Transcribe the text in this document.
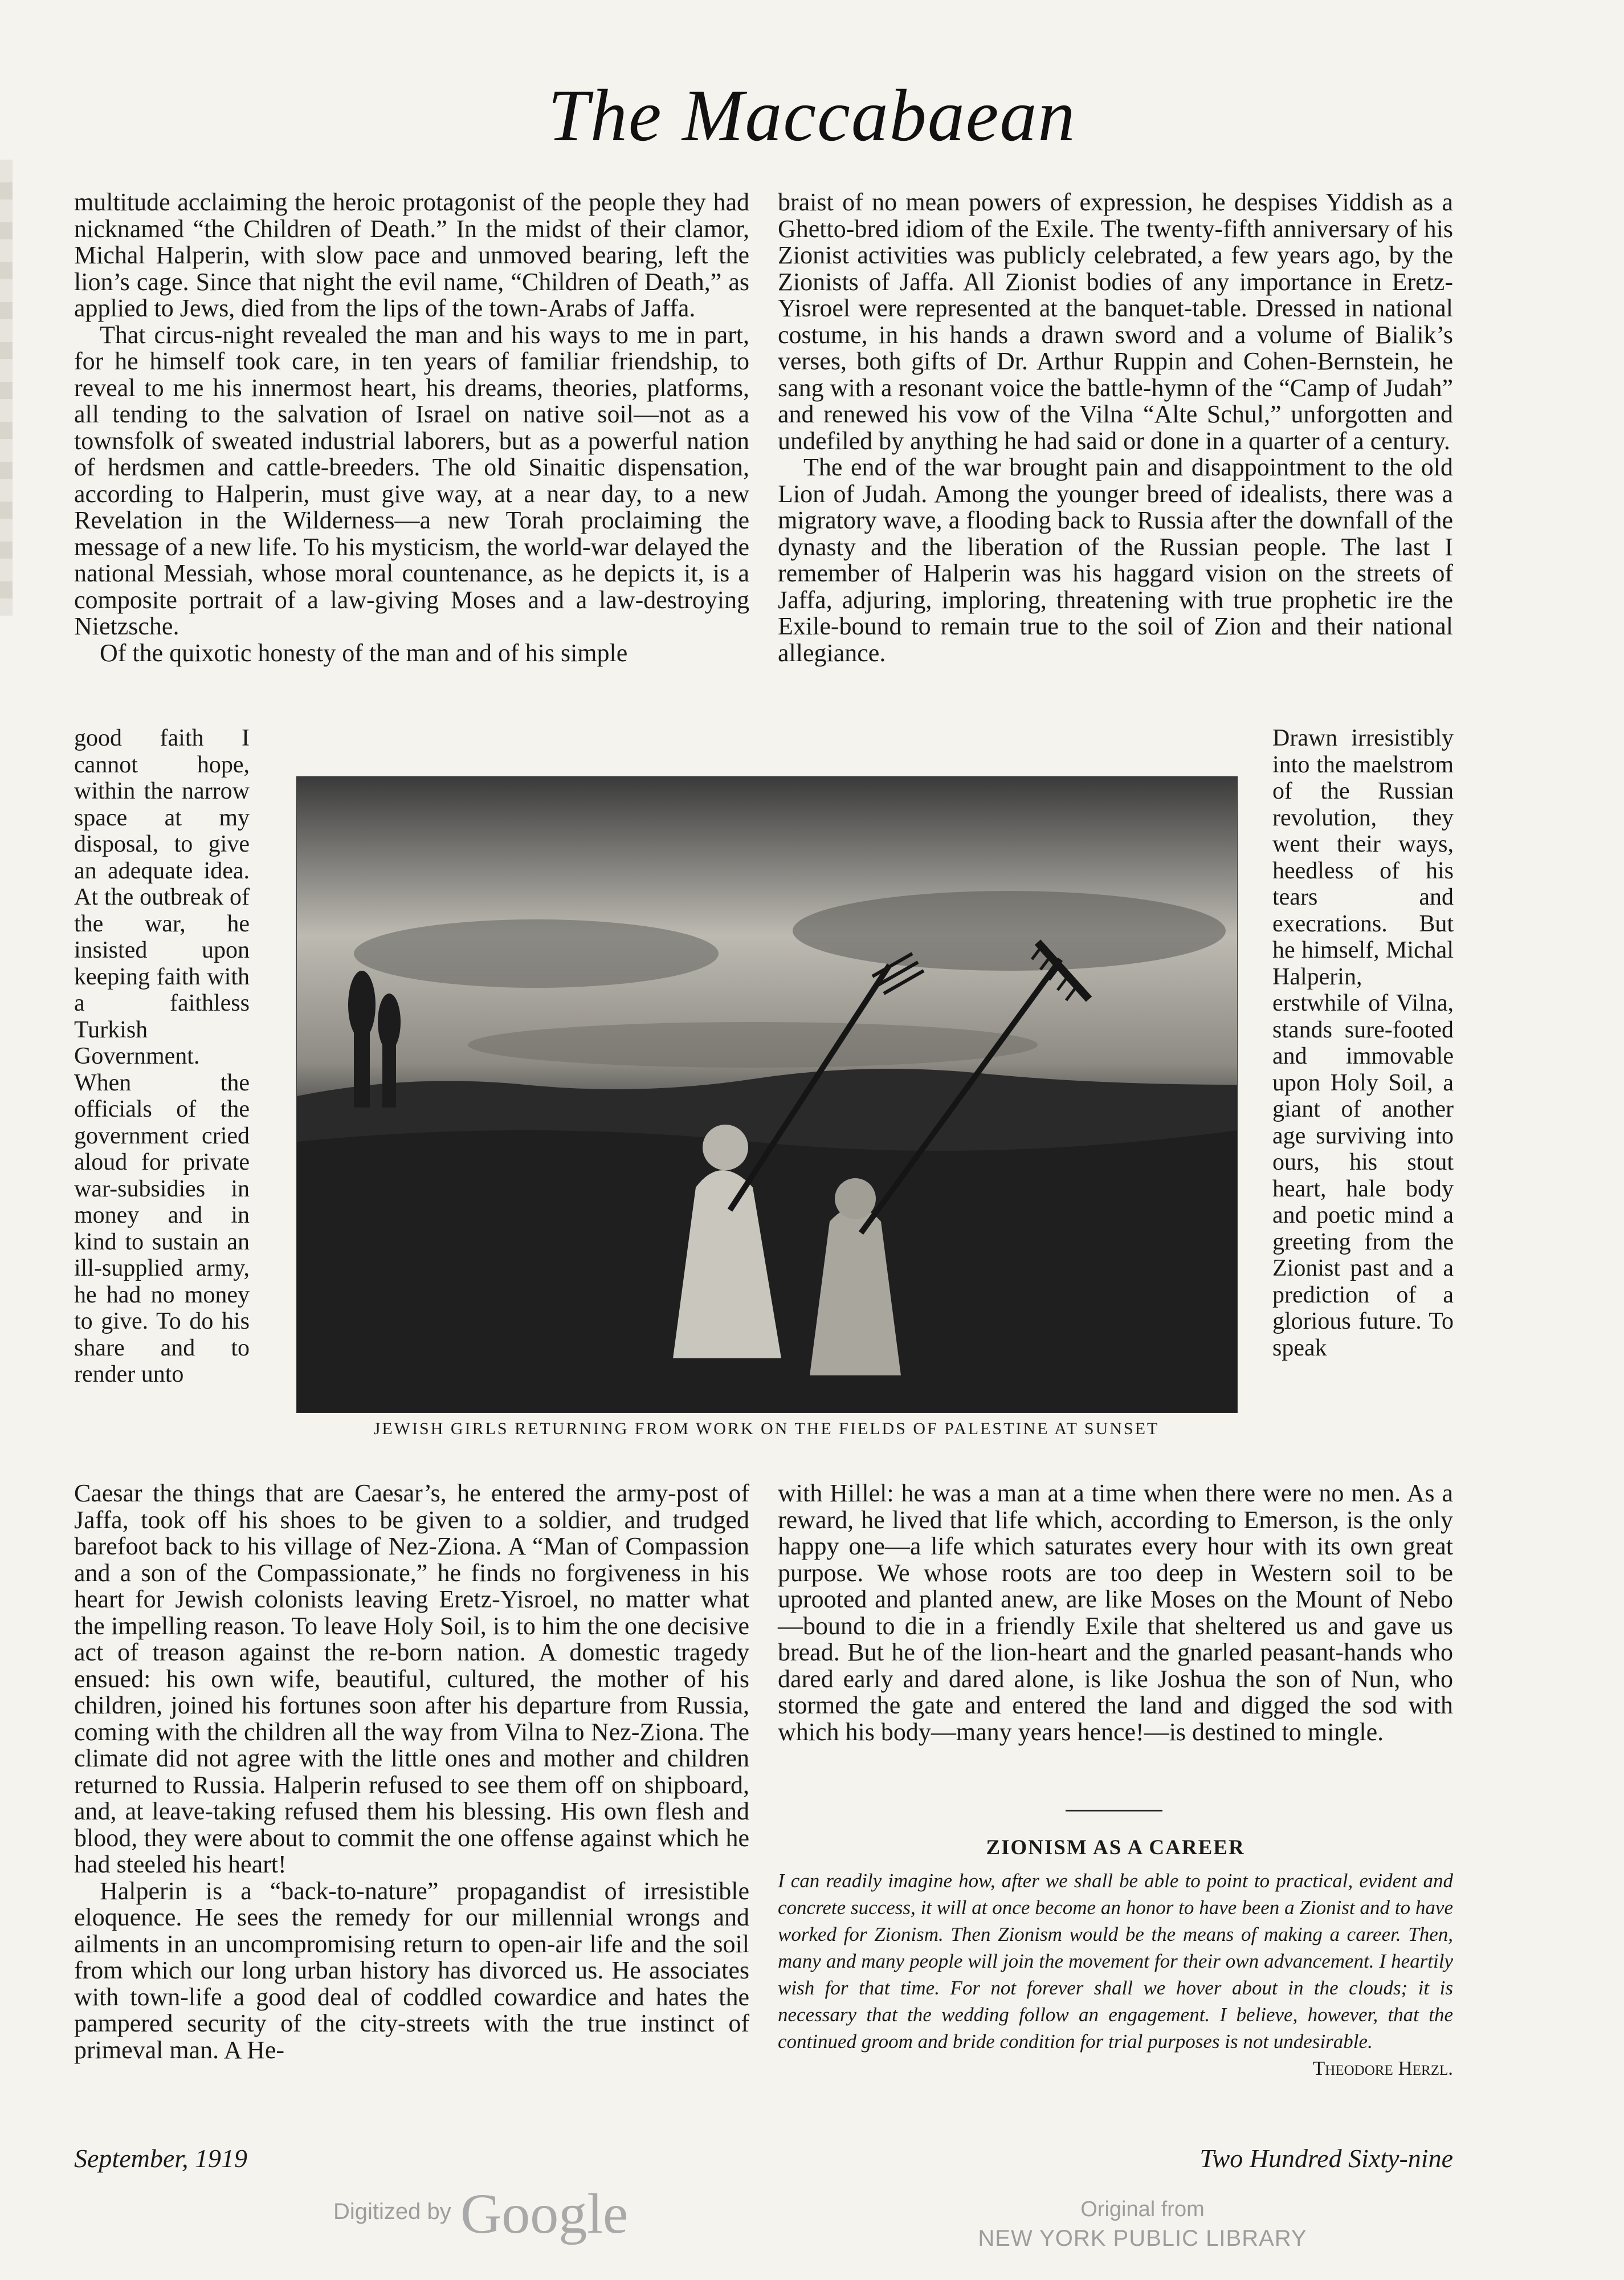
The Maccabaean

multitude acclaiming the heroic protagonist of the people they had nicknamed “the Children of Death.” In the midst of their clamor, Michal Halperin, with slow pace and unmoved bearing, left the lion’s cage. Since that night the evil name, “Children of Death,” as applied to Jews, died from the lips of the town-Arabs of Jaffa.

That circus-night revealed the man and his ways to me in part, for he himself took care, in ten years of familiar friendship, to reveal to me his innermost heart, his dreams, theories, platforms, all tending to the salvation of Israel on native soil—not as a townsfolk of sweated industrial laborers, but as a powerful nation of herdsmen and cattle-breeders. The old Sinaitic dispensation, according to Halperin, must give way, at a near day, to a new Revelation in the Wilderness—a new Torah proclaiming the message of a new life. To his mysticism, the world-war delayed the national Messiah, whose moral countenance, as he depicts it, is a composite portrait of a law-giving Moses and a law-destroying Nietzsche.

Of the quixotic honesty of the man and of his simple

braist of no mean powers of expression, he despises Yiddish as a Ghetto-bred idiom of the Exile. The twenty-fifth anniversary of his Zionist activities was publicly celebrated, a few years ago, by the Zionists of Jaffa. All Zionist bodies of any importance in Eretz-Yisroel were represented at the banquet-table. Dressed in national costume, in his hands a drawn sword and a volume of Bialik’s verses, both gifts of Dr. Arthur Ruppin and Cohen-Bernstein, he sang with a resonant voice the battle-hymn of the “Camp of Judah” and renewed his vow of the Vilna “Alte Schul,” unforgotten and undefiled by anything he had said or done in a quarter of a century.

The end of the war brought pain and disappointment to the old Lion of Judah. Among the younger breed of idealists, there was a migratory wave, a flooding back to Russia after the downfall of the dynasty and the liberation of the Russian people. The last I remember of Halperin was his haggard vision on the streets of Jaffa, adjuring, imploring, threatening with true prophetic ire the Exile-bound to remain true to the soil of Zion and their national allegiance.

good faith I cannot hope, within the narrow space at my disposal, to give an adequate idea. At the outbreak of the war, he insisted upon keeping faith with a faithless Turkish Government. When the officials of the government cried aloud for private war-subsidies in money and in kind to sustain an ill-supplied army, he had no money to give. To do his share and to render unto
Drawn irresistibly into the maelstrom of the Russian revolution, they went their ways, heedless of his tears and execrations. But he himself, Michal Halperin, erstwhile of Vilna, stands sure-footed and immovable upon Holy Soil, a giant of another age surviving into ours, his stout heart, hale body and poetic mind a greeting from the Zionist past and a prediction of a glorious future. To speak
JEWISH GIRLS RETURNING FROM WORK ON THE FIELDS OF PALESTINE AT SUNSET

Caesar the things that are Caesar’s, he entered the army-post of Jaffa, took off his shoes to be given to a soldier, and trudged barefoot back to his village of Nez-Ziona. A “Man of Compassion and a son of the Compassionate,” he finds no forgiveness in his heart for Jewish colonists leaving Eretz-Yisroel, no matter what the impelling reason. To leave Holy Soil, is to him the one decisive act of treason against the re-born nation. A domestic tragedy ensued: his own wife, beautiful, cultured, the mother of his children, joined his fortunes soon after his departure from Russia, coming with the children all the way from Vilna to Nez-Ziona. The climate did not agree with the little ones and mother and children returned to Russia. Halperin refused to see them off on shipboard, and, at leave-taking refused them his blessing. His own flesh and blood, they were about to commit the one offense against which he had steeled his heart!

Halperin is a “back-to-nature” propagandist of irresistible eloquence. He sees the remedy for our millennial wrongs and ailments in an uncompromising return to open-air life and the soil from which our long urban history has divorced us. He associates with town-life a good deal of coddled cowardice and hates the pampered security of the city-streets with the true instinct of primeval man. A He-

with Hillel: he was a man at a time when there were no men. As a reward, he lived that life which, according to Emerson, is the only happy one—a life which saturates every hour with its own great purpose. We whose roots are too deep in Western soil to be uprooted and planted anew, are like Moses on the Mount of Nebo—bound to die in a friendly Exile that sheltered us and gave us bread. But he of the lion-heart and the gnarled peasant-hands who dared early and dared alone, is like Joshua the son of Nun, who stormed the gate and entered the land and digged the sod with which his body—many years hence!—is destined to mingle.

ZIONISM AS A CAREER
I can readily imagine how, after we shall be able to point to practical, evident and concrete success, it will at once become an honor to have been a Zionist and to have worked for Zionism. Then Zionism would be the means of making a career. Then, many and many people will join the movement for their own advancement. I heartily wish for that time. For not forever shall we hover about in the clouds; it is necessary that the wedding follow an engagement. I believe, however, that the continued groom and bride condition for trial purposes is not undesirable.
Theodore Herzl.
September, 1919	Two Hundred Sixty-nine
Digitized by Google	Original from
NEW YORK PUBLIC LIBRARY
